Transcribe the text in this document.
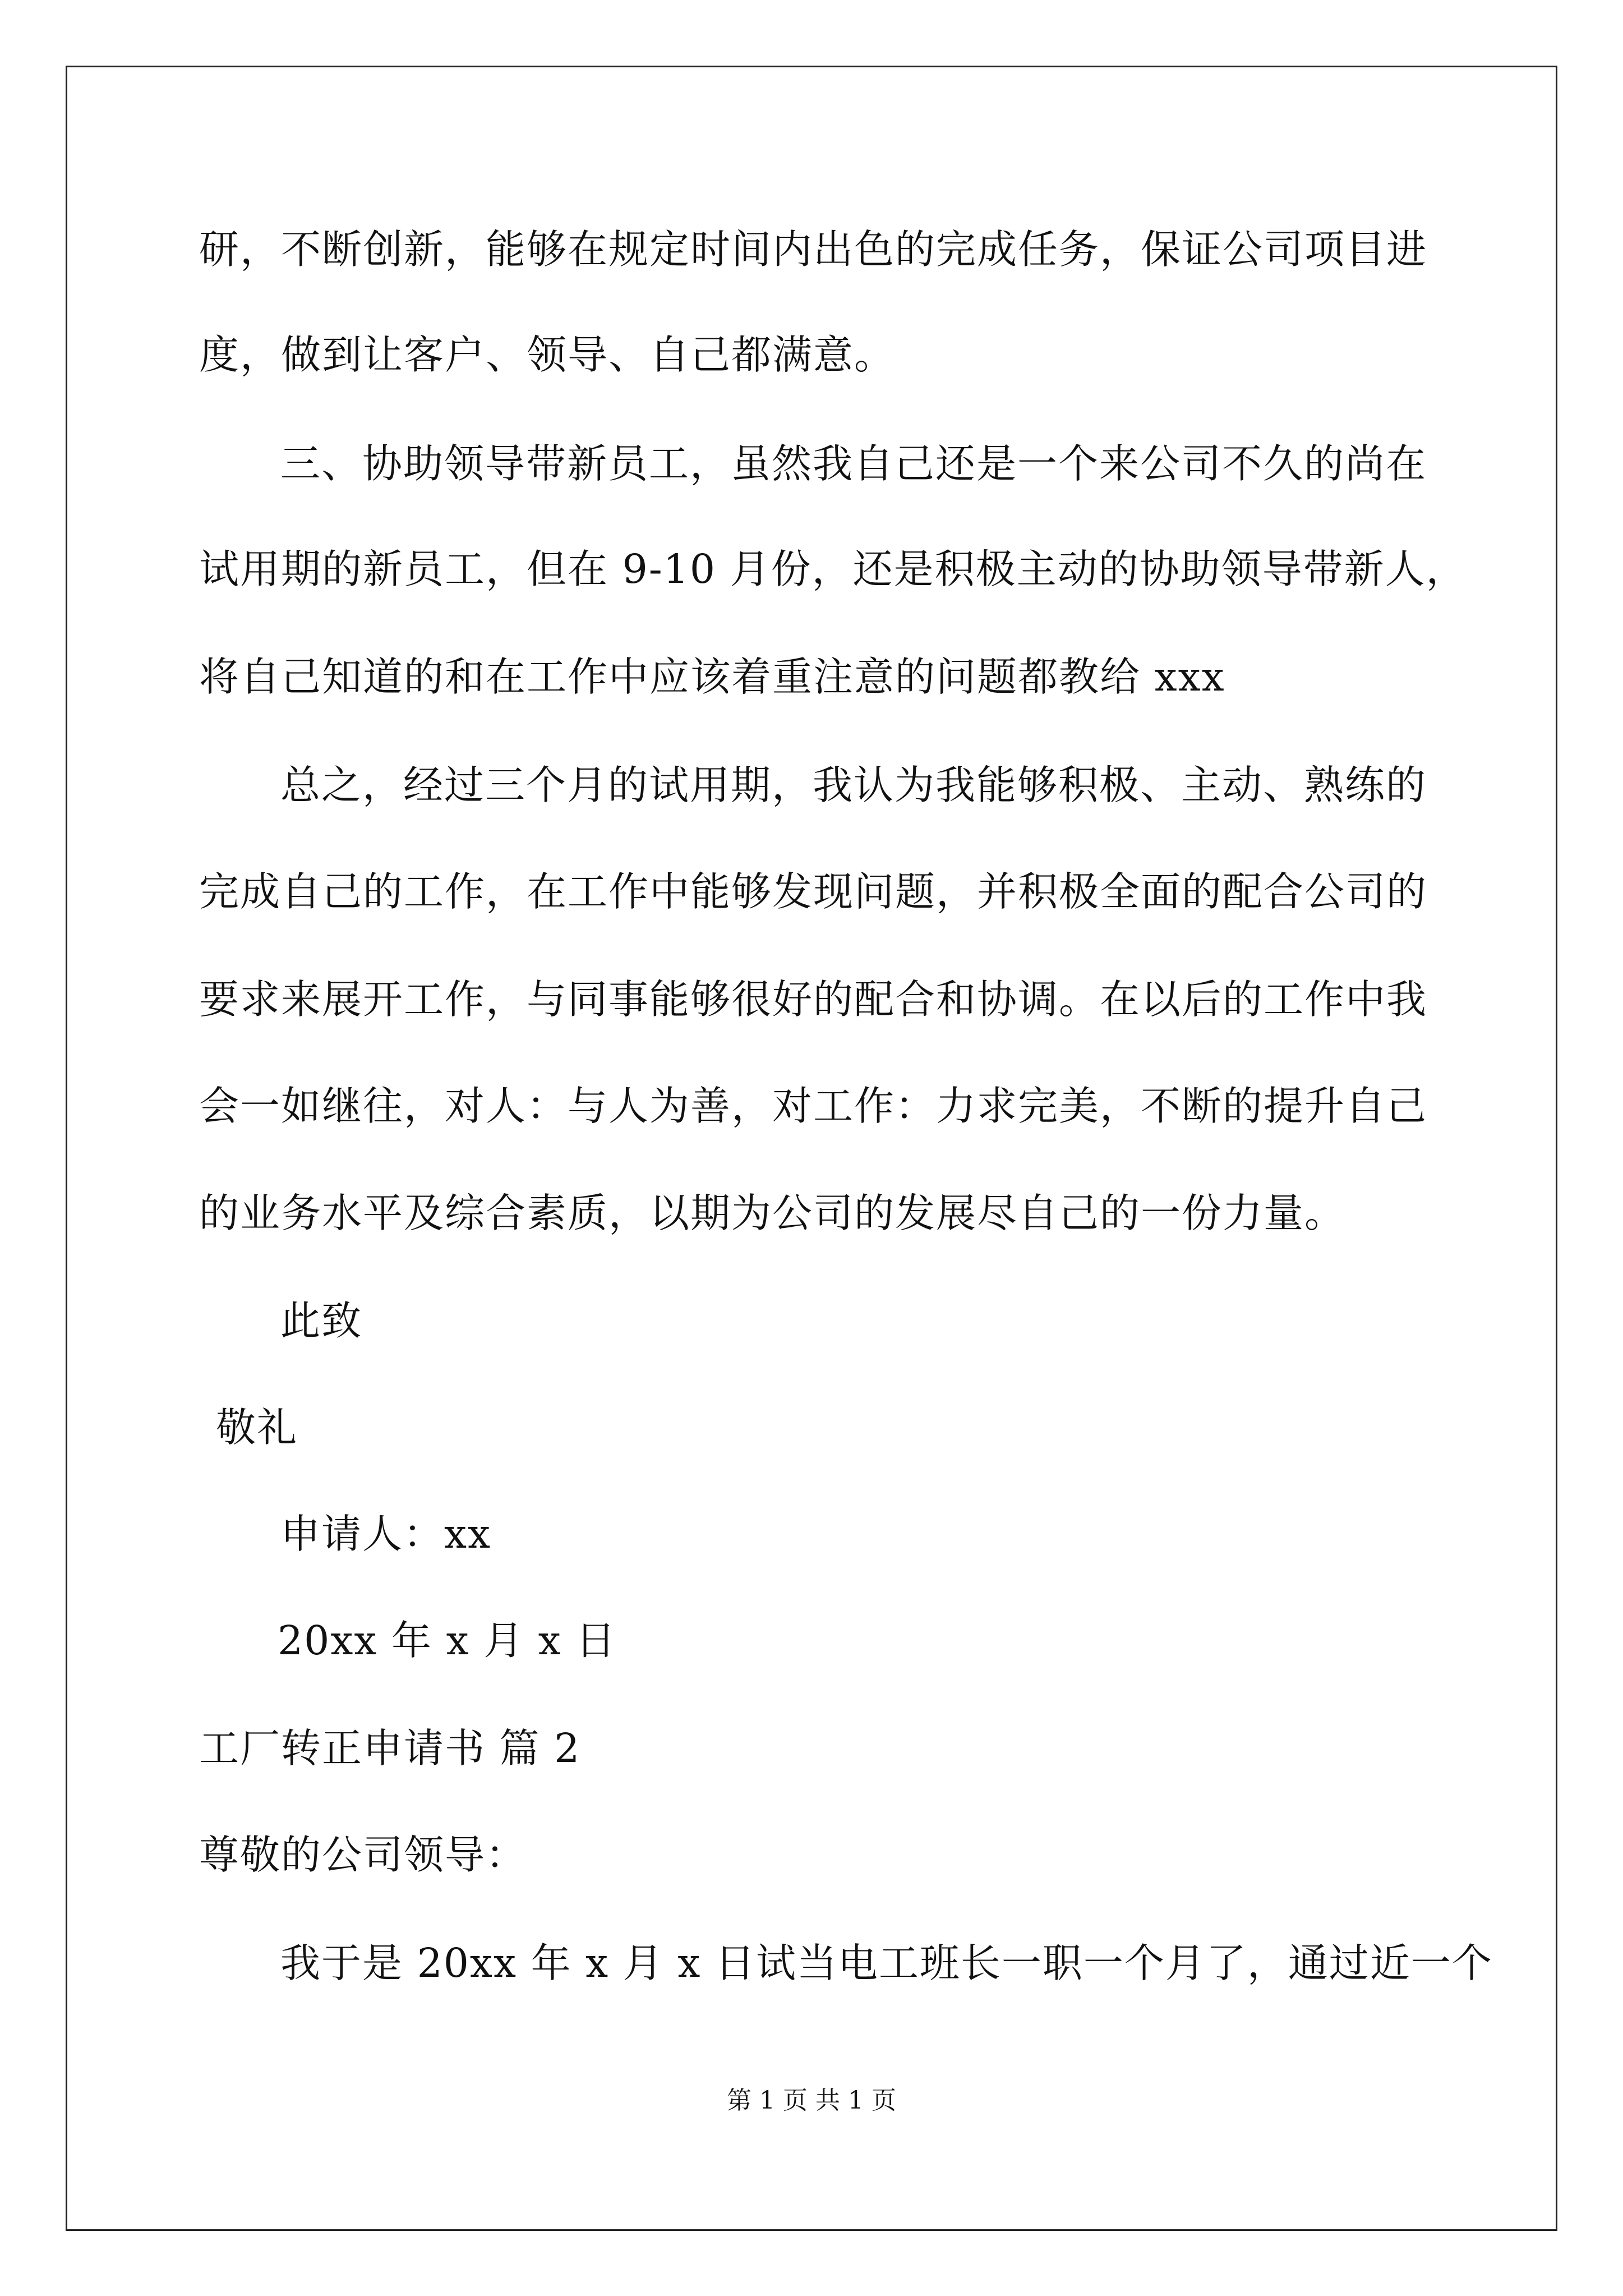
研，不断创新，能够在规定时间内出色的完成任务，保证公司项目进
度，做到让客户、领导、自己都满意。
三、协助领导带新员工，虽然我自己还是一个来公司不久的尚在
试用期的新员工，但在 9-10 月份，还是积极主动的协助领导带新人，
将自己知道的和在工作中应该着重注意的问题都教给 xxx
总之，经过三个月的试用期，我认为我能够积极、主动、熟练的
完成自己的工作，在工作中能够发现问题，并积极全面的配合公司的
要求来展开工作，与同事能够很好的配合和协调。在以后的工作中我
会一如继往，对人：与人为善，对工作：力求完美，不断的提升自己
的业务水平及综合素质，以期为公司的发展尽自己的一份力量。
此致
敬礼
申请人：xx
20xx 年 x 月 x 日
工厂转正申请书 篇 2
尊敬的公司领导：
我于是 20xx 年 x 月 x 日试当电工班长一职一个月了，通过近一个
第 1 页 共 1 页
